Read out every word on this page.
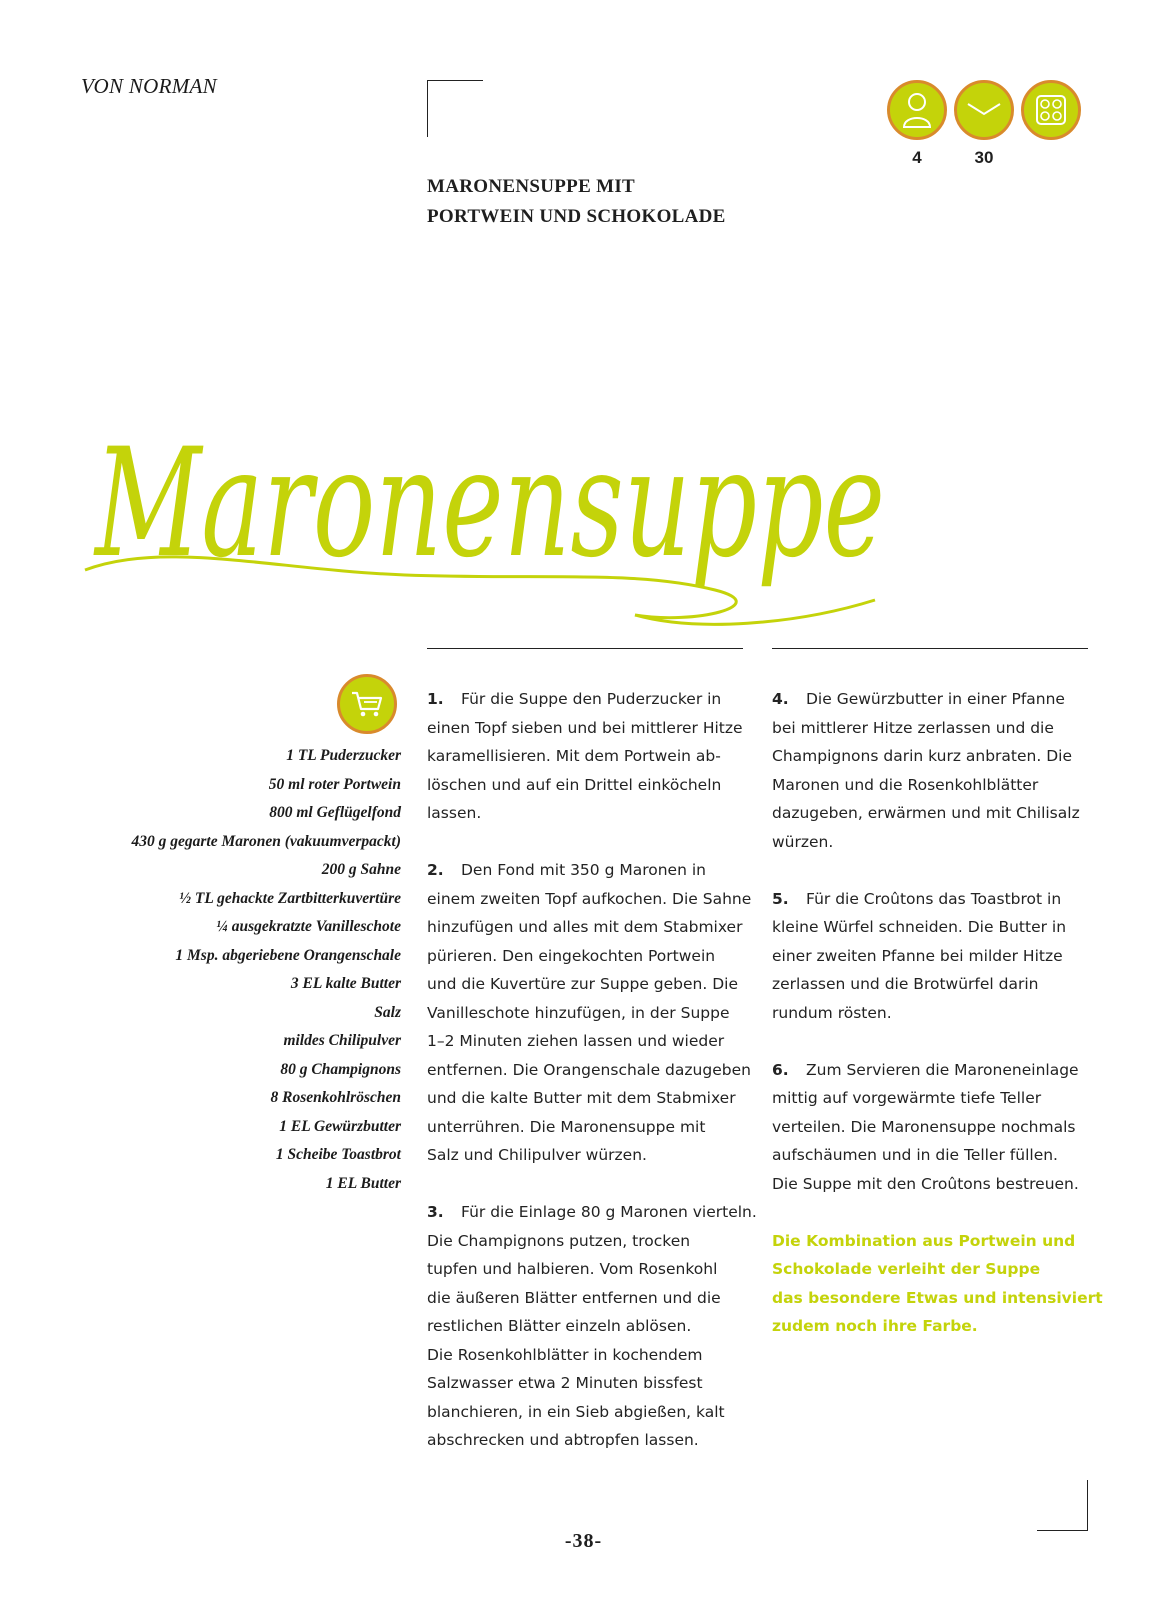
VON NORMAN
MARONENSUPPE MIT
PORTWEIN UND SCHOKOLADE
4	30
Maronensuppe
1 TL Puderzucker
50 ml roter Portwein
800 ml Geflügelfond
430 g gegarte Maronen (vakuumverpackt)
200 g Sahne
½ TL gehackte Zartbitterkuvertüre
¼ ausgekratzte Vanilleschote
1 Msp. abgeriebene Orangenschale
3 EL kalte Butter
Salz
mildes Chilipulver
80 g Champignons
8 Rosenkohlröschen
1 EL Gewürzbutter
1 Scheibe Toastbrot
1 EL Butter
1. Für die Suppe den Puderzucker in
einen Topf sieben und bei mittlerer Hitze
karamellisieren. Mit dem Portwein ab-
löschen und auf ein Drittel einköcheln
lassen.
2. Den Fond mit 350 g Maronen in
einem zweiten Topf aufkochen. Die Sahne
hinzufügen und alles mit dem Stabmixer
pürieren. Den eingekochten Portwein
und die Kuvertüre zur Suppe geben. Die
Vanilleschote hinzufügen, in der Suppe
1–2 Minuten ziehen lassen und wieder
entfernen. Die Orangenschale dazugeben
und die kalte Butter mit dem Stabmixer
unterrühren. Die Maronensuppe mit
Salz und Chilipulver würzen.
3. Für die Einlage 80 g Maronen vierteln.
Die Champignons putzen, trocken
tupfen und halbieren. Vom Rosenkohl
die äußeren Blätter entfernen und die
restlichen Blätter einzeln ablösen.
Die Rosenkohlblätter in kochendem
Salzwasser etwa 2 Minuten bissfest
blanchieren, in ein Sieb abgießen, kalt
abschrecken und abtropfen lassen.
4. Die Gewürzbutter in einer Pfanne
bei mittlerer Hitze zerlassen und die
Champignons darin kurz anbraten. Die
Maronen und die Rosenkohlblätter
dazugeben, erwärmen und mit Chilisalz
würzen.
5. Für die Croûtons das Toastbrot in
kleine Würfel schneiden. Die Butter in
einer zweiten Pfanne bei milder Hitze
zerlassen und die Brotwürfel darin
rundum rösten.
6. Zum Servieren die Maroneneinlage
mittig auf vorgewärmte tiefe Teller
verteilen. Die Maronensuppe nochmals
aufschäumen und in die Teller füllen.
Die Suppe mit den Croûtons bestreuen.
Die Kombination aus Portwein und
Schokolade verleiht der Suppe
das besondere Etwas und intensiviert
zudem noch ihre Farbe.
-38-
